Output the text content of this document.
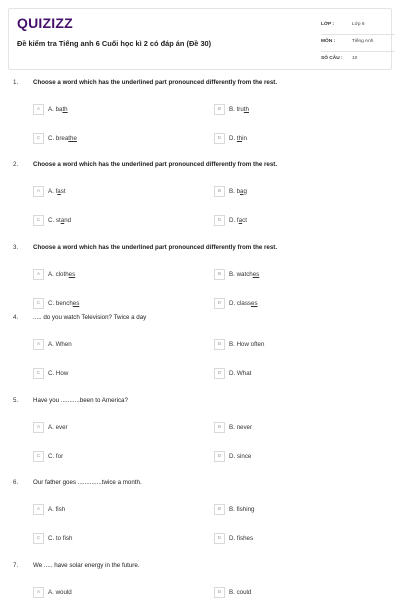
QUIZIZZ
Đề kiểm tra Tiếng anh 6 Cuối học kì 2 có đáp án (Đề 30)
LỚP :	Lớp 6
MÔN :	Tiếng Anh
SỐ CÂU : 10
1. Choose a word which has the underlined part pronounced differently from the rest.
A	A. bath	B	B. truth
C	C. breathe	D	D. thin
2. Choose a word which has the underlined part pronounced differently from the rest.
A	A. fast	B	B. bag
C	C. stand	D	D. fact
3. Choose a word which has the underlined part pronounced differently from the rest.
A	A. clothes	B	B. watches
C	C. benches	D	D. classes
4. ..... do you watch Television? Twice a day
A	A. When	B	B. How often
C	C. How	D	D. What
5. Have you ...........been to America?
A	A. ever	B	B. never
C	C. for	D	D. since
6. Our father goes ..............twice a month.
A	A. fish	B	B. fishing
C	C. to fish	D	D. fishes
7. We ..... have solar energy in the future.
A	A. would	B	B. could
